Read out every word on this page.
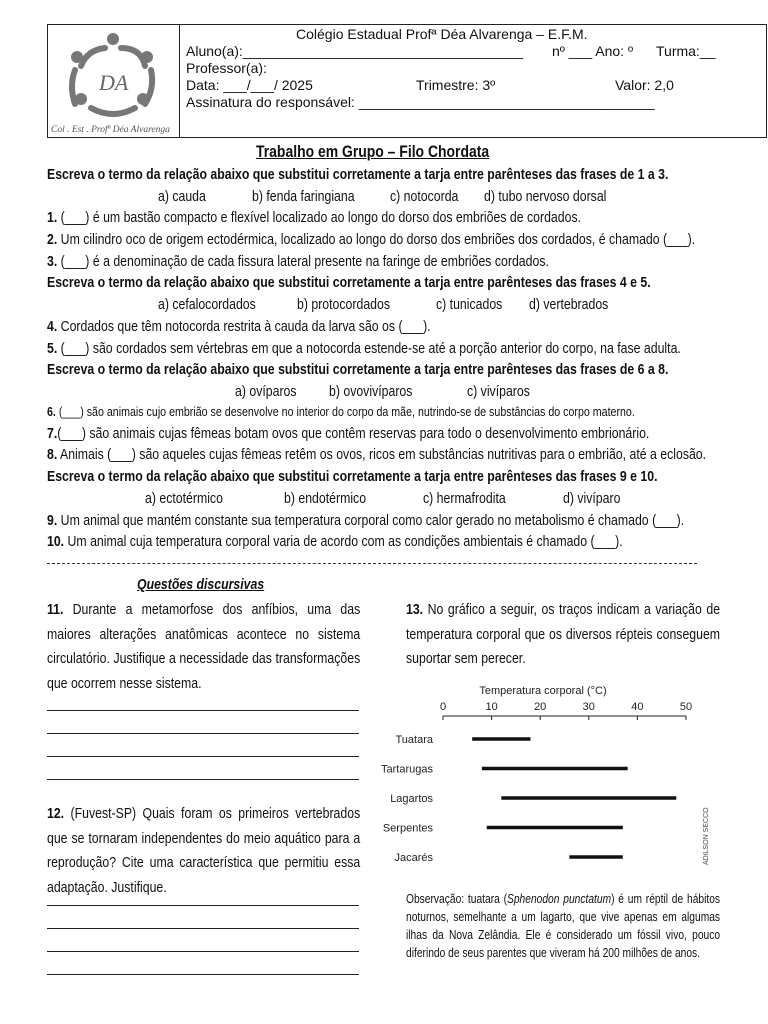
DA
Col . Est . Profª Déa Alvarenga
Colégio Estadual Profª Déa Alvarenga – E.F.M.
Aluno(a):____________________________________ nº ___ Ano: º Turma:__
Professor(a):
Data: ___/___/ 2025	Trimestre: 3º	Valor: 2,0
Assinatura do responsável: ______________________________________
Trabalho em Grupo – Filo Chordata
Escreva o termo da relação abaixo que substitui corretamente a tarja entre parênteses das frases de 1 a 3.
a) cauda	b) fenda faringiana c) notocorda d) tubo nervoso dorsal
1. (___) é um bastão compacto e flexível localizado ao longo do dorso dos embriões de cordados.
2. Um cilindro oco de origem ectodérmica, localizado ao longo do dorso dos embriões dos cordados, é chamado (___).
3. (___) é a denominação de cada fissura lateral presente na faringe de embriões cordados.
Escreva o termo da relação abaixo que substitui corretamente a tarja entre parênteses das frases 4 e 5.
a) cefalocordados	b) protocordados	c) tunicados d) vertebrados
4. Cordados que têm notocorda restrita à cauda da larva são os (___).
5. (___) são cordados sem vértebras em que a notocorda estende-se até a porção anterior do corpo, na fase adulta.
Escreva o termo da relação abaixo que substitui corretamente a tarja entre parênteses das frases de 6 a 8.
a) ovíparos b) ovovivíparos	c) vivíparos
6. (___) são animais cujo embrião se desenvolve no interior do corpo da mãe, nutrindo-se de substâncias do corpo materno.
7.(___) são animais cujas fêmeas botam ovos que contêm reservas para todo o desenvolvimento embrionário.
8. Animais (___) são aqueles cujas fêmeas retêm os ovos, ricos em substâncias nutritivas para o embrião, até a eclosão.
Escreva o termo da relação abaixo que substitui corretamente a tarja entre parênteses das frases 9 e 10.
a) ectotérmico	b) endotérmico	c) hermafrodita	d) vivíparo
9. Um animal que mantém constante sua temperatura corporal como calor gerado no metabolismo é chamado (___).
10. Um animal cuja temperatura corporal varia de acordo com as condições ambientais é chamado (___).
Questões discursivas
11. Durante a metamorfose dos anfíbios, uma das maiores alterações anatômicas acontece no sistema circulatório. Justifique a necessidade das transformações que ocorrem nesse sistema.
12. (Fuvest-SP) Quais foram os primeiros vertebrados que se tornaram independentes do meio aquático para a reprodução? Cite uma característica que permitiu essa adaptação. Justifique.
13. No gráfico a seguir, os traços indicam a variação de temperatura corporal que os diversos répteis conseguem suportar sem perecer.
Temperatura corporal (°C)
ADILSON SECCO
0	10	20	30	40	50
Tuatara
Tartarugas
Lagartos
Serpentes
Jacarés
Observação: tuatara (Sphenodon punctatum) é um réptil de hábitos noturnos, semelhante a um lagarto, que vive apenas em algumas ilhas da Nova Zelândia. Ele é considerado um fóssil vivo, pouco diferindo de seus parentes que viveram há 200 milhões de anos.
